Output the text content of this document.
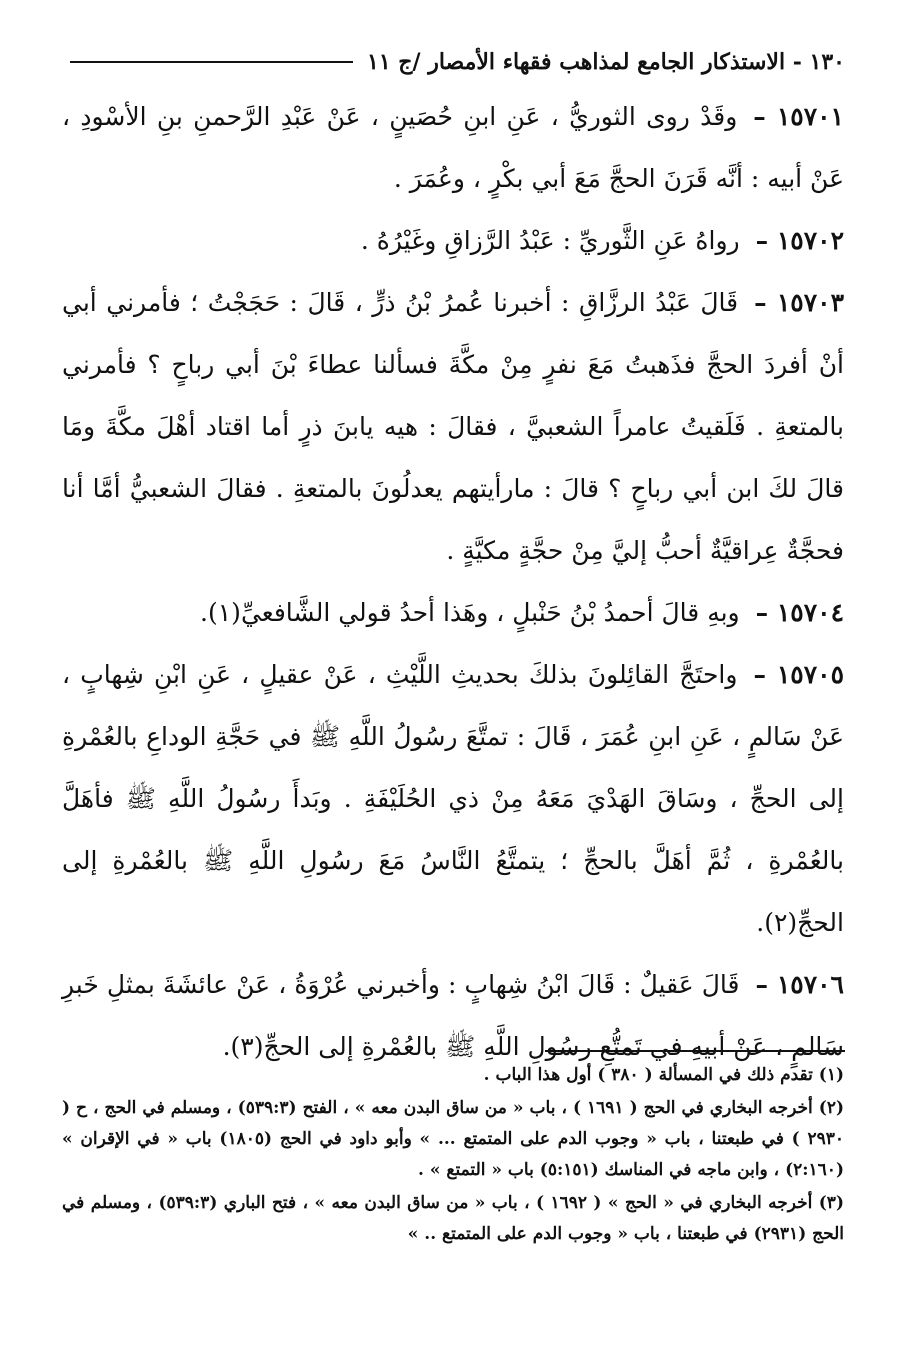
١٣٠ - الاستذكار الجامع لمذاهب فقهاء الأمصار /ج ١١

١٥٧٠١ –وقَدْ روى الثوريُّ ، عَنِ ابنِ حُصَينٍ ، عَنْ عَبْدِ الرَّحمنِ بنِ الأسْودِ ، عَنْ أبيه : أنَّه قَرَنَ الحجَّ مَعَ أبي بكْرٍ ، وعُمَرَ .

١٥٧٠٢ –رواهُ عَنِ الثَّوريِّ : عَبْدُ الرَّزاقِ وغَيْرُهُ .

١٥٧٠٣ –قَالَ عَبْدُ الرزَّاقِ : أخبرنا عُمرُ بْنُ ذرٍّ ، قَالَ : حَجَجْتُ ؛ فأمرني أبي أنْ أفردَ الحجَّ فذَهبتُ مَعَ نفرٍ مِنْ مكَّةَ فسألنا عطاءَ بْنَ أبي رباحٍ ؟ فأمرني بالمتعةِ . فَلَقيتُ عامراً الشعبيَّ ، فقالَ : هيه يابنَ ذرٍ أما اقتاد أهْلَ مكَّةَ ومَا قالَ لكَ ابن أبي رباحٍ ؟ قالَ : مارأيتهم يعدلُونَ بالمتعةِ . فقالَ الشعبيُّ أمَّا أنا فحجَّةٌ عِراقيَّةٌ أحبُّ إليَّ مِنْ حجَّةٍ مكيَّةٍ .

١٥٧٠٤ –وبهِ قالَ أحمدُ بْنُ حَنْبلٍ ، وهَذا أحدُ قولي الشَّافعيِّ(١).

١٥٧٠٥ –واحتَجَّ القائِلونَ بذلكَ بحديثِ اللَّيْثِ ، عَنْ عقيلٍ ، عَنِ ابْنِ شِهابٍ ، عَنْ سَالمٍ ، عَنِ ابنِ عُمَرَ ، قَالَ : تمتَّعَ رسُولُ اللَّهِ ﷺ في حَجَّةِ الوداعِ بالعُمْرةِ إلى الحجِّ ، وسَاقَ الهَدْيَ مَعَهُ مِنْ ذي الحُلَيْفَةِ . وبَدأَ رسُولُ اللَّهِ ﷺ فأهَلَّ بالعُمْرةِ ، ثُمَّ أهَلَّ بالحجِّ ؛ يتمتَّعُ النَّاسُ مَعَ رسُولِ اللَّهِ ﷺ بالعُمْرةِ إلى الحجِّ(٢).

١٥٧٠٦ –قَالَ عَقيلٌ : قَالَ ابْنُ شِهابٍ : وأخبرني عُرْوَةُ ، عَنْ عائشَةَ بمثلِ خَبرِ سَالمٍ ، عَنْ أبيهِ في تَمتُّعِ رسُولِ اللَّهِ ﷺ بالعُمْرةِ إلى الحجِّ(٣).

(١) تقدم ذلك في المسألة ( ٣٨٠ ) أول هذا الباب .

(٢) أخرجه البخاري في الحج ( ١٦٩١ ) ، باب « من ساق البدن معه » ، الفتح (٥٣٩:٣) ، ومسلم في الحج ، ح ( ٢٩٣٠ ) في طبعتنا ، باب « وجوب الدم على المتمتع ... » وأبو داود في الحج (١٨٠٥) باب « في الإقران » (٢:١٦٠) ، وابن ماجه في المناسك (٥:١٥١) باب « التمتع » .

(٣) أخرجه البخاري في « الحج » ( ١٦٩٢ ) ، باب « من ساق البدن معه » ، فتح الباري (٥٣٩:٣) ، ومسلم في الحج (٢٩٣١) في طبعتنا ، باب « وجوب الدم على المتمتع .. »
